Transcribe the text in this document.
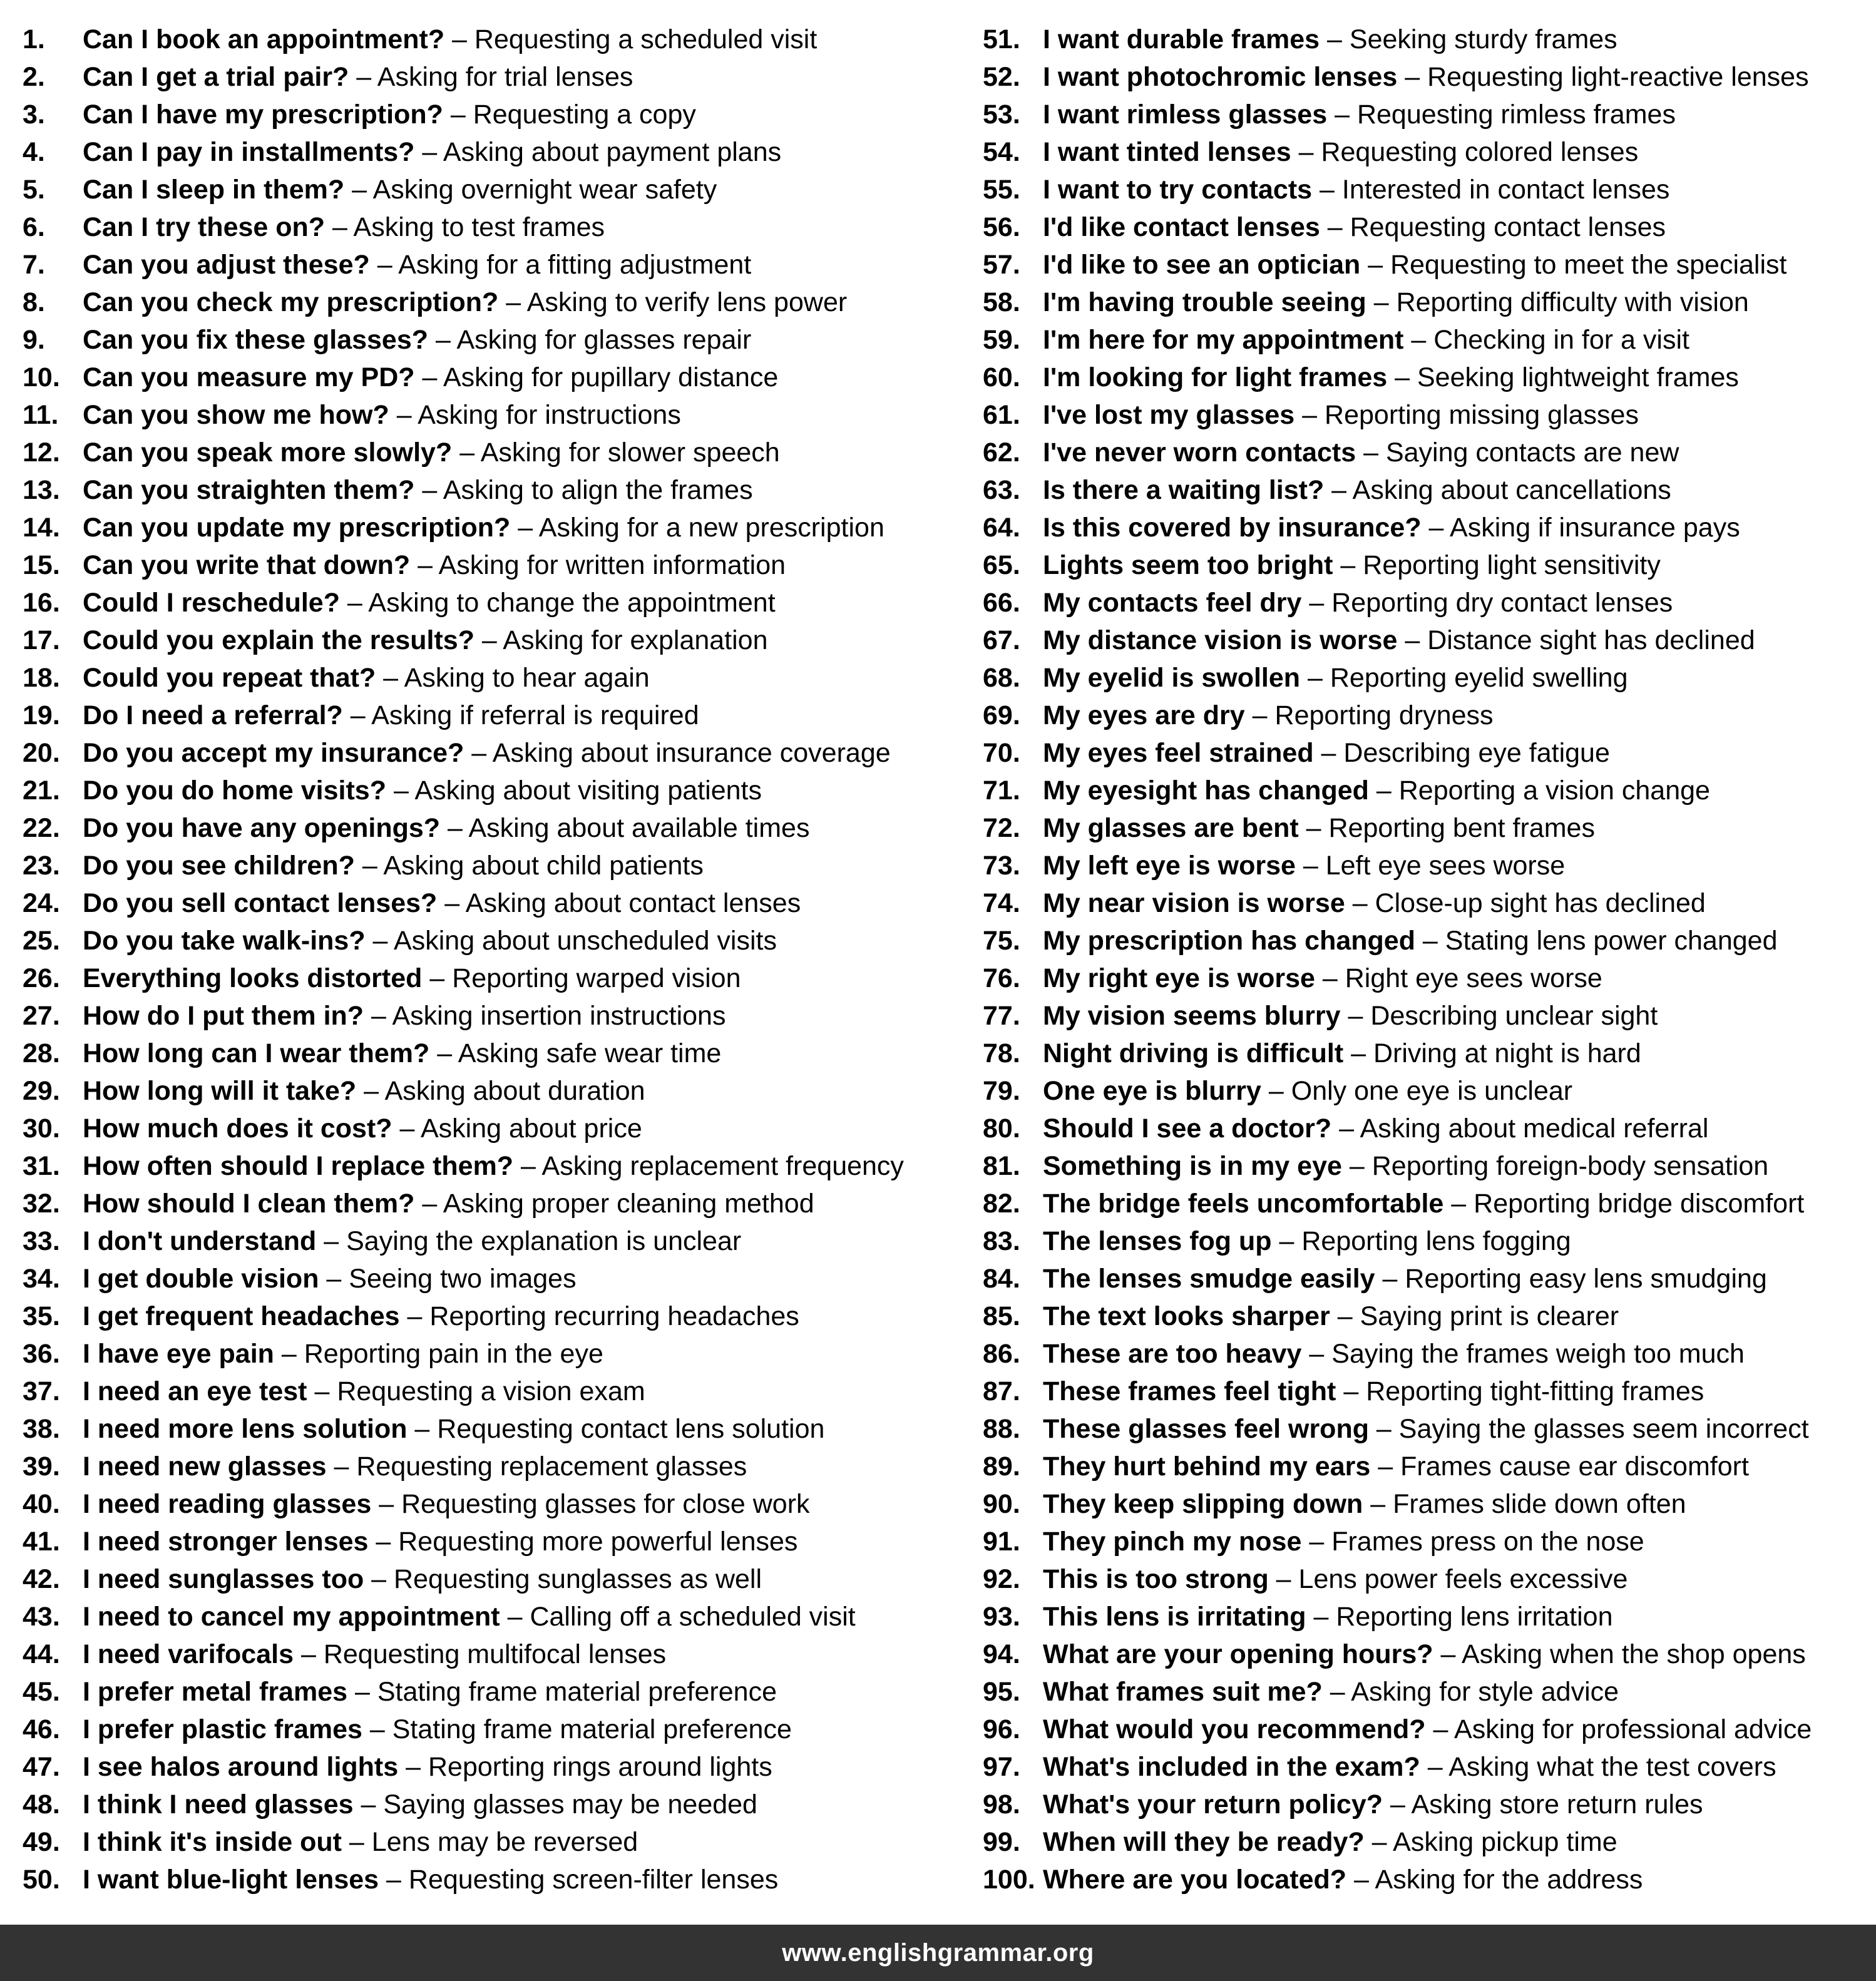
1. Can I book an appointment? – Requesting a scheduled visit
2. Can I get a trial pair? – Asking for trial lenses
3. Can I have my prescription? – Requesting a copy
4. Can I pay in installments? – Asking about payment plans
5. Can I sleep in them? – Asking overnight wear safety
6. Can I try these on? – Asking to test frames
7. Can you adjust these? – Asking for a fitting adjustment
8. Can you check my prescription? – Asking to verify lens power
9. Can you fix these glasses? – Asking for glasses repair
10. Can you measure my PD? – Asking for pupillary distance
11. Can you show me how? – Asking for instructions
12. Can you speak more slowly? – Asking for slower speech
13. Can you straighten them? – Asking to align the frames
14. Can you update my prescription? – Asking for a new prescription
15. Can you write that down? – Asking for written information
16. Could I reschedule? – Asking to change the appointment
17. Could you explain the results? – Asking for explanation
18. Could you repeat that? – Asking to hear again
19. Do I need a referral? – Asking if referral is required
20. Do you accept my insurance? – Asking about insurance coverage
21. Do you do home visits? – Asking about visiting patients
22. Do you have any openings? – Asking about available times
23. Do you see children? – Asking about child patients
24. Do you sell contact lenses? – Asking about contact lenses
25. Do you take walk-ins? – Asking about unscheduled visits
26. Everything looks distorted – Reporting warped vision
27. How do I put them in? – Asking insertion instructions
28. How long can I wear them? – Asking safe wear time
29. How long will it take? – Asking about duration
30. How much does it cost? – Asking about price
31. How often should I replace them? – Asking replacement frequency
32. How should I clean them? – Asking proper cleaning method
33. I don't understand – Saying the explanation is unclear
34. I get double vision – Seeing two images
35. I get frequent headaches – Reporting recurring headaches
36. I have eye pain – Reporting pain in the eye
37. I need an eye test – Requesting a vision exam
38. I need more lens solution – Requesting contact lens solution
39. I need new glasses – Requesting replacement glasses
40. I need reading glasses – Requesting glasses for close work
41. I need stronger lenses – Requesting more powerful lenses
42. I need sunglasses too – Requesting sunglasses as well
43. I need to cancel my appointment – Calling off a scheduled visit
44. I need varifocals – Requesting multifocal lenses
45. I prefer metal frames – Stating frame material preference
46. I prefer plastic frames – Stating frame material preference
47. I see halos around lights – Reporting rings around lights
48. I think I need glasses – Saying glasses may be needed
49. I think it's inside out – Lens may be reversed
50. I want blue-light lenses – Requesting screen-filter lenses
51. I want durable frames – Seeking sturdy frames
52. I want photochromic lenses – Requesting light-reactive lenses
53. I want rimless glasses – Requesting rimless frames
54. I want tinted lenses – Requesting colored lenses
55. I want to try contacts – Interested in contact lenses
56. I'd like contact lenses – Requesting contact lenses
57. I'd like to see an optician – Requesting to meet the specialist
58. I'm having trouble seeing – Reporting difficulty with vision
59. I'm here for my appointment – Checking in for a visit
60. I'm looking for light frames – Seeking lightweight frames
61. I've lost my glasses – Reporting missing glasses
62. I've never worn contacts – Saying contacts are new
63. Is there a waiting list? – Asking about cancellations
64. Is this covered by insurance? – Asking if insurance pays
65. Lights seem too bright – Reporting light sensitivity
66. My contacts feel dry – Reporting dry contact lenses
67. My distance vision is worse – Distance sight has declined
68. My eyelid is swollen – Reporting eyelid swelling
69. My eyes are dry – Reporting dryness
70. My eyes feel strained – Describing eye fatigue
71. My eyesight has changed – Reporting a vision change
72. My glasses are bent – Reporting bent frames
73. My left eye is worse – Left eye sees worse
74. My near vision is worse – Close-up sight has declined
75. My prescription has changed – Stating lens power changed
76. My right eye is worse – Right eye sees worse
77. My vision seems blurry – Describing unclear sight
78. Night driving is difficult – Driving at night is hard
79. One eye is blurry – Only one eye is unclear
80. Should I see a doctor? – Asking about medical referral
81. Something is in my eye – Reporting foreign-body sensation
82. The bridge feels uncomfortable – Reporting bridge discomfort
83. The lenses fog up – Reporting lens fogging
84. The lenses smudge easily – Reporting easy lens smudging
85. The text looks sharper – Saying print is clearer
86. These are too heavy – Saying the frames weigh too much
87. These frames feel tight – Reporting tight-fitting frames
88. These glasses feel wrong – Saying the glasses seem incorrect
89. They hurt behind my ears – Frames cause ear discomfort
90. They keep slipping down – Frames slide down often
91. They pinch my nose – Frames press on the nose
92. This is too strong – Lens power feels excessive
93. This lens is irritating – Reporting lens irritation
94. What are your opening hours? – Asking when the shop opens
95. What frames suit me? – Asking for style advice
96. What would you recommend? – Asking for professional advice
97. What's included in the exam? – Asking what the test covers
98. What's your return policy? – Asking store return rules
99. When will they be ready? – Asking pickup time
100. Where are you located? – Asking for the address
www.englishgrammar.org
